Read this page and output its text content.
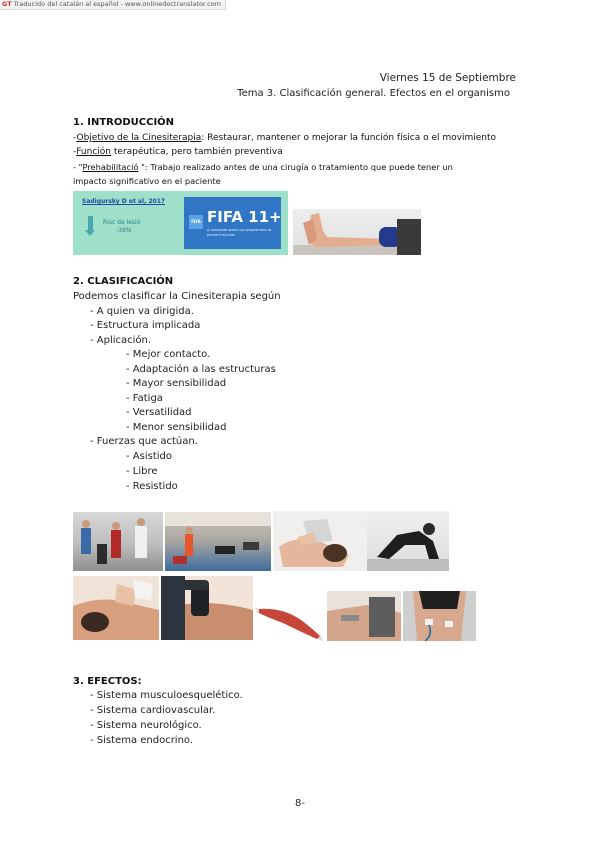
GT Traducido del catalán al español - www.onlinedoctranslator.com
Viernes 15 de Septiembre
Tema 3. Clasificación general. Efectos en el organismo
1. INTRODUCCIÓN
-Objetivo de la Cinesiterapia: Restaurar, mantener o mejorar la función física o el movimiento
-Función terapéutica, pero también preventiva
- "Prehabilitació ": Trabajo realizado antes de una cirugía o tratamiento que puede tener un
impacto significativo en el paciente
Sadigursky D et al, 2017
Risc de lesió
-39%
FIFA FIFA 11+
A complete warm-up programme to prevent injuries
2. CLASIFICACIÓN
Podemos clasificar la Cinesiterapia según
- A quien va dirigida.
- Estructura implicada
- Aplicación.
- Mejor contacto.
- Adaptación a las estructuras
- Mayor sensibilidad
- Fatiga
- Versatilidad
- Menor sensibilidad
- Fuerzas que actúan.
- Asistido
- Libre
- Resistido
3. EFECTOS:
- Sistema musculoesquelético.
- Sistema cardiovascular.
- Sistema neurológico.
- Sistema endocrino.
8-
